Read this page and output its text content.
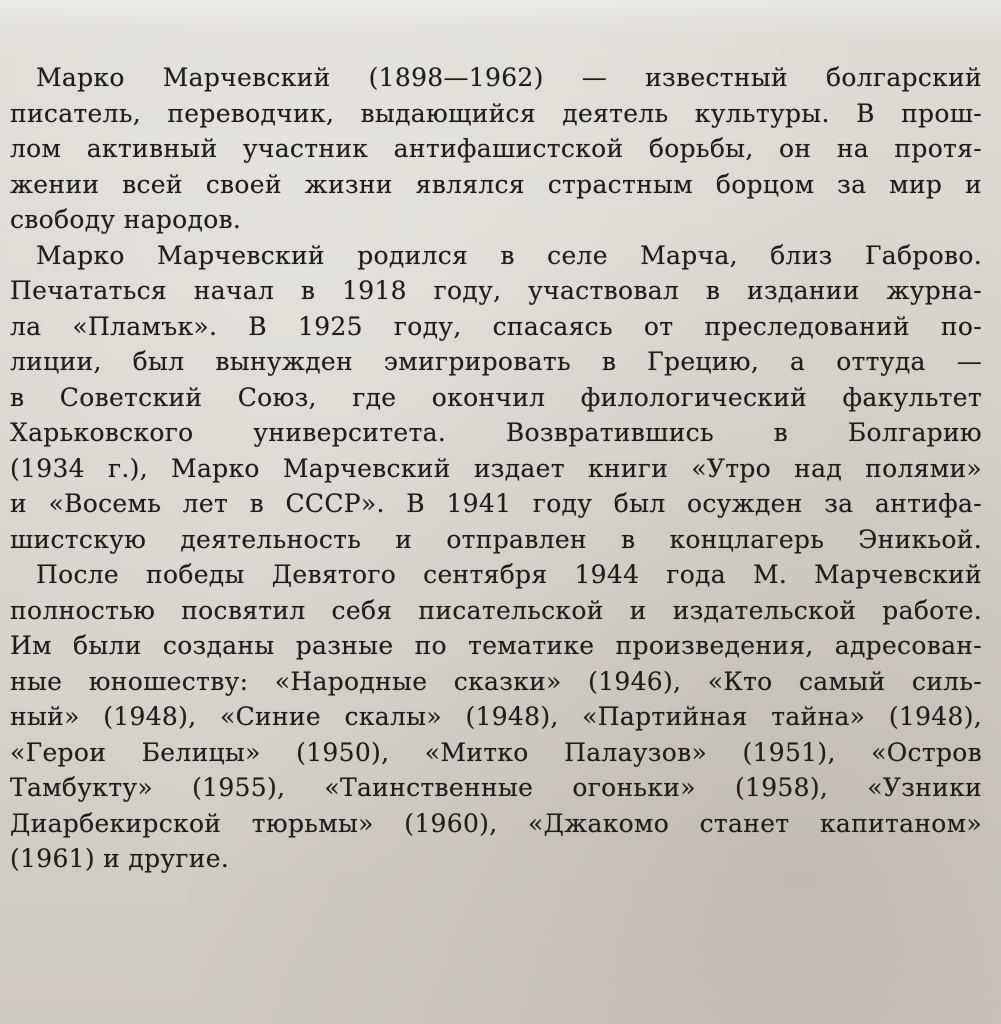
Марко Марчевский (1898—1962) — известный болгарский
писатель, переводчик, выдающийся деятель культуры. В прош-
лом активный участник антифашистской борьбы, он на протя-
жении всей своей жизни являлся страстным борцом за мир и
свободу народов.
Марко Марчевский родился в селе Марча, близ Габрово.
Печататься начал в 1918 году, участвовал в издании журна-
ла «Пламък». В 1925 году, спасаясь от преследований по-
лиции, был вынужден эмигрировать в Грецию, а оттуда —
в Советский Союз, где окончил филологический факультет
Харьковского университета. Возвратившись в Болгарию
(1934 г.), Марко Марчевский издает книги «Утро над полями»
и «Восемь лет в СССР». В 1941 году был осужден за антифа-
шистскую деятельность и отправлен в концлагерь Эникьой.
После победы Девятого сентября 1944 года М. Марчевский
полностью посвятил себя писательской и издательской работе.
Им были созданы разные по тематике произведения, адресован-
ные юношеству: «Народные сказки» (1946), «Кто самый силь-
ный» (1948), «Синие скалы» (1948), «Партийная тайна» (1948),
«Герои Белицы» (1950), «Митко Палаузов» (1951), «Остров
Тамбукту» (1955), «Таинственные огоньки» (1958), «Узники
Диарбекирской тюрьмы» (1960), «Джакомо станет капитаном»
(1961) и другие.
